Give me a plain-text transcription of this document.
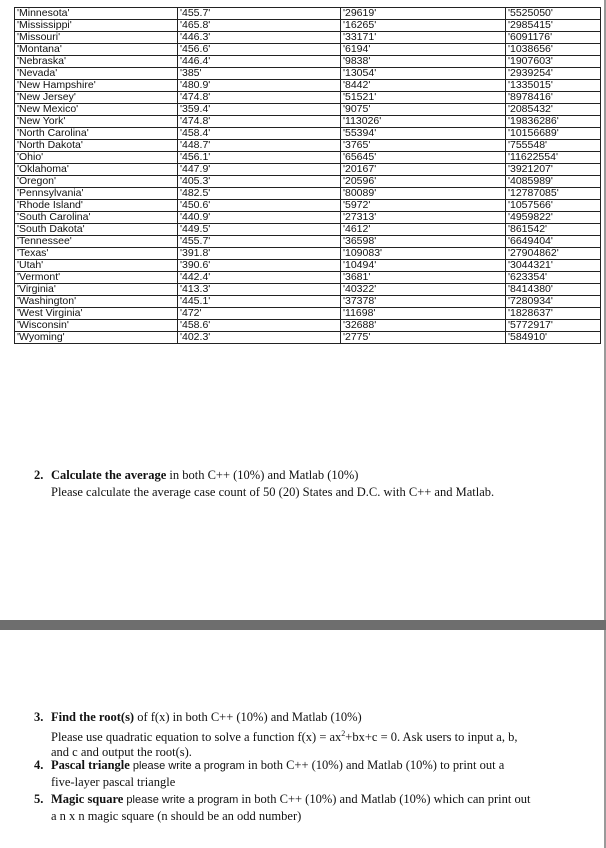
'Minnesota'	'455.7'	'29619'	'5525050'
'Mississippi'	'465.8'	'16265'	'2985415'
'Missouri'	'446.3'	'33171'	'6091176'
'Montana'	'456.6'	'6194'	'1038656'
'Nebraska'	'446.4'	'9838'	'1907603'
'Nevada'	'385'	'13054'	'2939254'
'New Hampshire'	'480.9'	'8442'	'1335015'
'New Jersey'	'474.8'	'51521'	'8978416'
'New Mexico'	'359.4'	'9075'	'2085432'
'New York'	'474.8'	'113026'	'19836286'
'North Carolina'	'458.4'	'55394'	'10156689'
'North Dakota'	'448.7'	'3765'	'755548'
'Ohio'	'456.1'	'65645'	'11622554'
'Oklahoma'	'447.9'	'20167'	'3921207'
'Oregon'	'405.3'	'20596'	'4085989'
'Pennsylvania'	'482.5'	'80089'	'12787085'
'Rhode Island'	'450.6'	'5972'	'1057566'
'South Carolina'	'440.9'	'27313'	'4959822'
'South Dakota'	'449.5'	'4612'	'861542'
'Tennessee'	'455.7'	'36598'	'6649404'
'Texas'	'391.8'	'109083'	'27904862'
'Utah'	'390.6'	'10494'	'3044321'
'Vermont'	'442.4'	'3681'	'623354'
'Virginia'	'413.3'	'40322'	'8414380'
'Washington'	'445.1'	'37378'	'7280934'
'West Virginia'	'472'	'11698'	'1828637'
'Wisconsin'	'458.6'	'32688'	'5772917'
'Wyoming'	'402.3'	'2775'	'584910'
2. Calculate the average in both C++ (10%) and Matlab (10%)
Please calculate the average case count of 50 (20) States and D.C. with C++ and Matlab.
3. Find the root(s) of f(x) in both C++ (10%) and Matlab (10%)
Please use quadratic equation to solve a function $f(x) = ax^2+bx+c = 0$. Ask users to input a, b, and c and output the root(s).
4. Pascal triangle please write a program in both C++ (10%) and Matlab (10%) to print out a five-layer pascal triangle
5. Magic square please write a program in both C++ (10%) and Matlab (10%) which can print out a n x n magic square (n should be an odd number)
